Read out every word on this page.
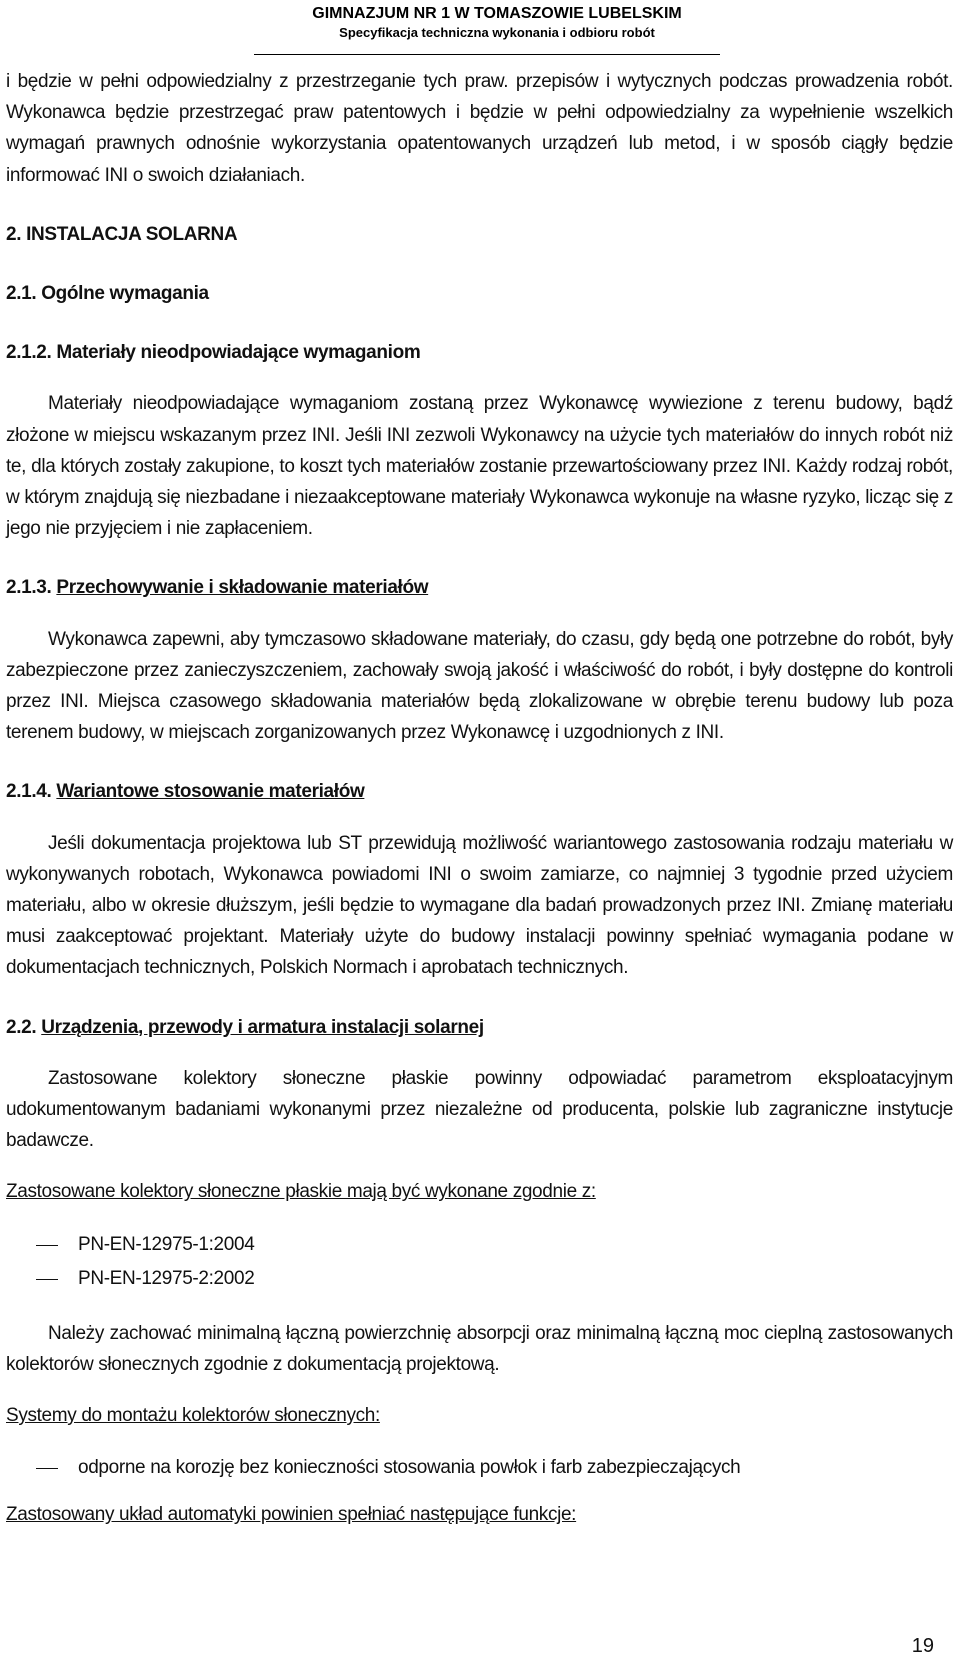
GIMNAZJUM NR 1 W TOMASZOWIE LUBELSKIM
Specyfikacja techniczna wykonania i odbioru robót

i będzie w pełni odpowiedzialny z przestrzeganie tych praw. przepisów i wytycznych podczas prowadzenia robót. Wykonawca będzie przestrzegać praw patentowych i będzie w pełni odpowiedzialny za wypełnienie wszelkich wymagań prawnych odnośnie wykorzystania opatentowanych urządzeń lub metod, i w sposób ciągły będzie informować INI o swoich działaniach.

2. INSTALACJA SOLARNA
2.1. Ogólne wymagania
2.1.2. Materiały nieodpowiadające wymaganiom

Materiały nieodpowiadające wymaganiom zostaną przez Wykonawcę wywiezione z terenu budowy, bądź złożone w miejscu wskazanym przez INI. Jeśli INI zezwoli Wykonawcy na użycie tych materiałów do innych robót niż te, dla których zostały zakupione, to koszt tych materiałów zostanie przewartościowany przez INI. Każdy rodzaj robót, w którym znajdują się niezbadane i niezaakceptowane materiały Wykonawca wykonuje na własne ryzyko, licząc się z jego nie przyjęciem i nie zapłaceniem.

2.1.3. Przechowywanie i składowanie materiałów

Wykonawca zapewni, aby tymczasowo składowane materiały, do czasu, gdy będą one potrzebne do robót, były zabezpieczone przez zanieczyszczeniem, zachowały swoją jakość i właściwość do robót, i były dostępne do kontroli przez INI. Miejsca czasowego składowania materiałów będą zlokalizowane w obrębie terenu budowy lub poza terenem budowy, w miejscach zorganizowanych przez Wykonawcę i uzgodnionych z INI.

2.1.4. Wariantowe stosowanie materiałów

Jeśli dokumentacja projektowa lub ST przewidują możliwość wariantowego zastosowania rodzaju materiału w wykonywanych robotach, Wykonawca powiadomi INI o swoim zamiarze, co najmniej 3 tygodnie przed użyciem materiału, albo w okresie dłuższym, jeśli będzie to wymagane dla badań prowadzonych przez INI. Zmianę materiału musi zaakceptować projektant. Materiały użyte do budowy instalacji powinny spełniać wymagania podane w dokumentacjach technicznych, Polskich Normach i aprobatach technicznych.

2.2. Urządzenia, przewody i armatura instalacji solarnej

Zastosowane kolektory słoneczne płaskie powinny odpowiadać parametrom eksploatacyjnym udokumentowanym badaniami wykonanymi przez niezależne od producenta, polskie lub zagraniczne instytucje badawcze.

Zastosowane kolektory słoneczne płaskie mają być wykonane zgodnie z:

PN-EN-12975-1:2004
PN-EN-12975-2:2002

Należy zachować minimalną łączną powierzchnię absorpcji oraz minimalną łączną moc cieplną zastosowanych kolektorów słonecznych zgodnie z dokumentacją projektową.

Systemy do montażu kolektorów słonecznych:

odporne na korozję bez konieczności stosowania powłok i farb zabezpieczających

Zastosowany układ automatyki powinien spełniać następujące funkcje:

19
